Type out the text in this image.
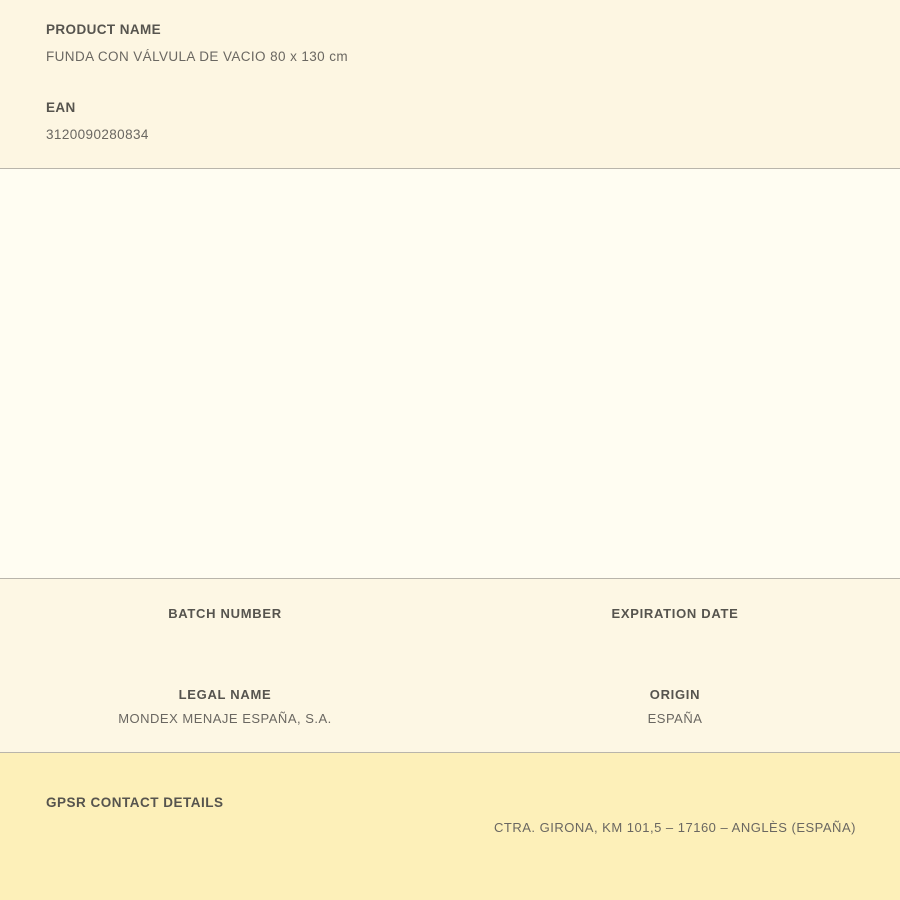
PRODUCT NAME

FUNDA CON VÁLVULA DE VACIO 80 x 130 cm

EAN

3120090280834

BATCH NUMBER	EXPIRATION DATE
LEGAL NAME
MONDEX MENAJE ESPAÑA, S.A.
ORIGIN
ESPAÑA
GPSR CONTACT DETAILS
CTRA. GIRONA, KM 101,5 – 17160 – ANGLÈS (ESPAÑA)
